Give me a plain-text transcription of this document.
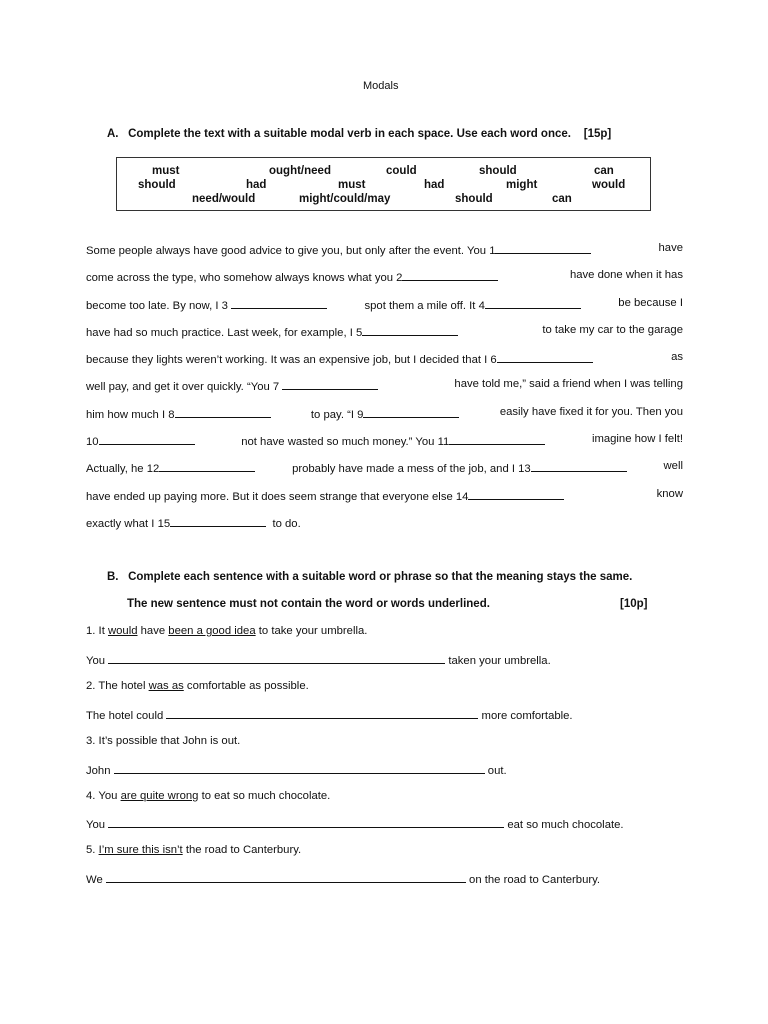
Modals
A. Complete the text with a suitable modal verb in each space. Use each word once. [15p]
must	ought/need	could	should	can
should	had	must	had	might	would
need/would	might/could/may	should	can
Some people always have good advice to give you, but only after the event. You 1	have
come across the type, who somehow always knows what you 2	have done when it has
become too late. By now, I 3	spot them a mile off. It 4	be because I
have had so much practice. Last week, for example, I 5	to take my car to the garage
because they lights weren’t working. It was an expensive job, but I decided that I 6	as
well pay, and get it over quickly. “You 7	have told me,” said a friend when I was telling
him how much I 8	to pay. “I 9	easily have fixed it for you. Then you
10	not have wasted so much money.” You 11	imagine how I felt!
Actually, he 12	probably have made a mess of the job, and I 13	well
have ended up paying more. But it does seem strange that everyone else 14	know
exactly what I 15	to do.
B. Complete each sentence with a suitable word or phrase so that the meaning stays the same.
The new sentence must not contain the word or words underlined.	[10p]
1. It would have been a good idea to take your umbrella.
You	taken your umbrella.
2. The hotel was as comfortable as possible.
The hotel could	more comfortable.
3. It’s possible that John is out.
John	out.
4. You are quite wrong to eat so much chocolate.
You	eat so much chocolate.
5. I’m sure this isn’t the road to Canterbury.
We	on the road to Canterbury.
